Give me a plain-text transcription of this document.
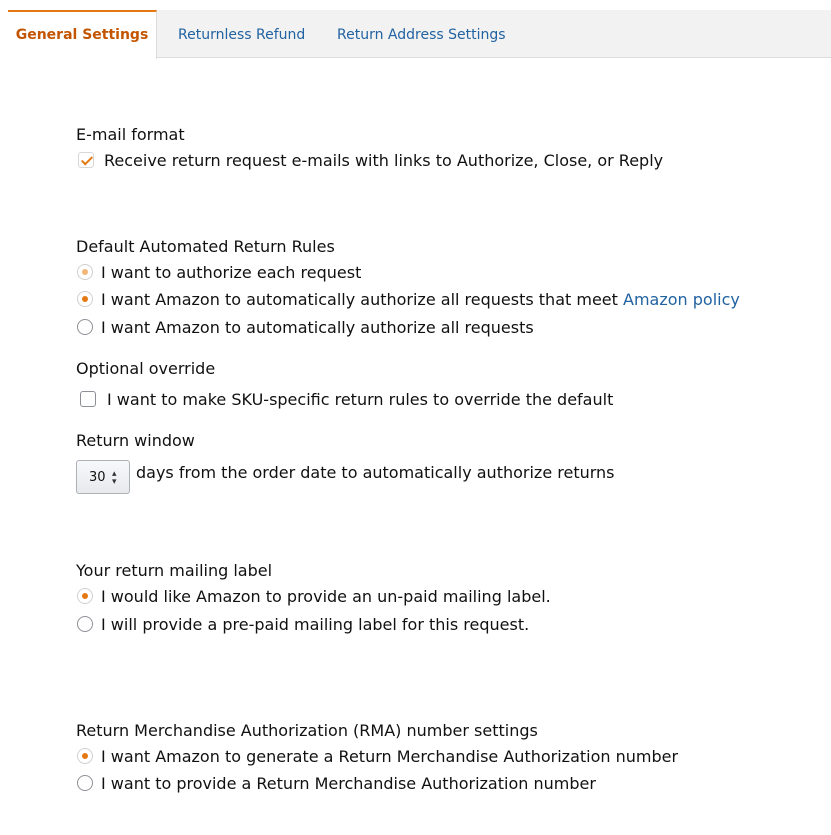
General Settings	Returnless Refund Return Address Settings
E-mail format
Receive return request e-mails with links to Authorize, Close, or Reply
Default Automated Return Rules
I want to authorize each request
I want Amazon to automatically authorize all requests that meet Amazon policy
I want Amazon to automatically authorize all requests
Optional override
I want to make SKU-specific return rules to override the default
Return window
30 ▴
▾ days from the order date to automatically authorize returns
Your return mailing label
I would like Amazon to provide an un-paid mailing label.
I will provide a pre-paid mailing label for this request.
Return Merchandise Authorization (RMA) number settings
I want Amazon to generate a Return Merchandise Authorization number
I want to provide a Return Merchandise Authorization number
